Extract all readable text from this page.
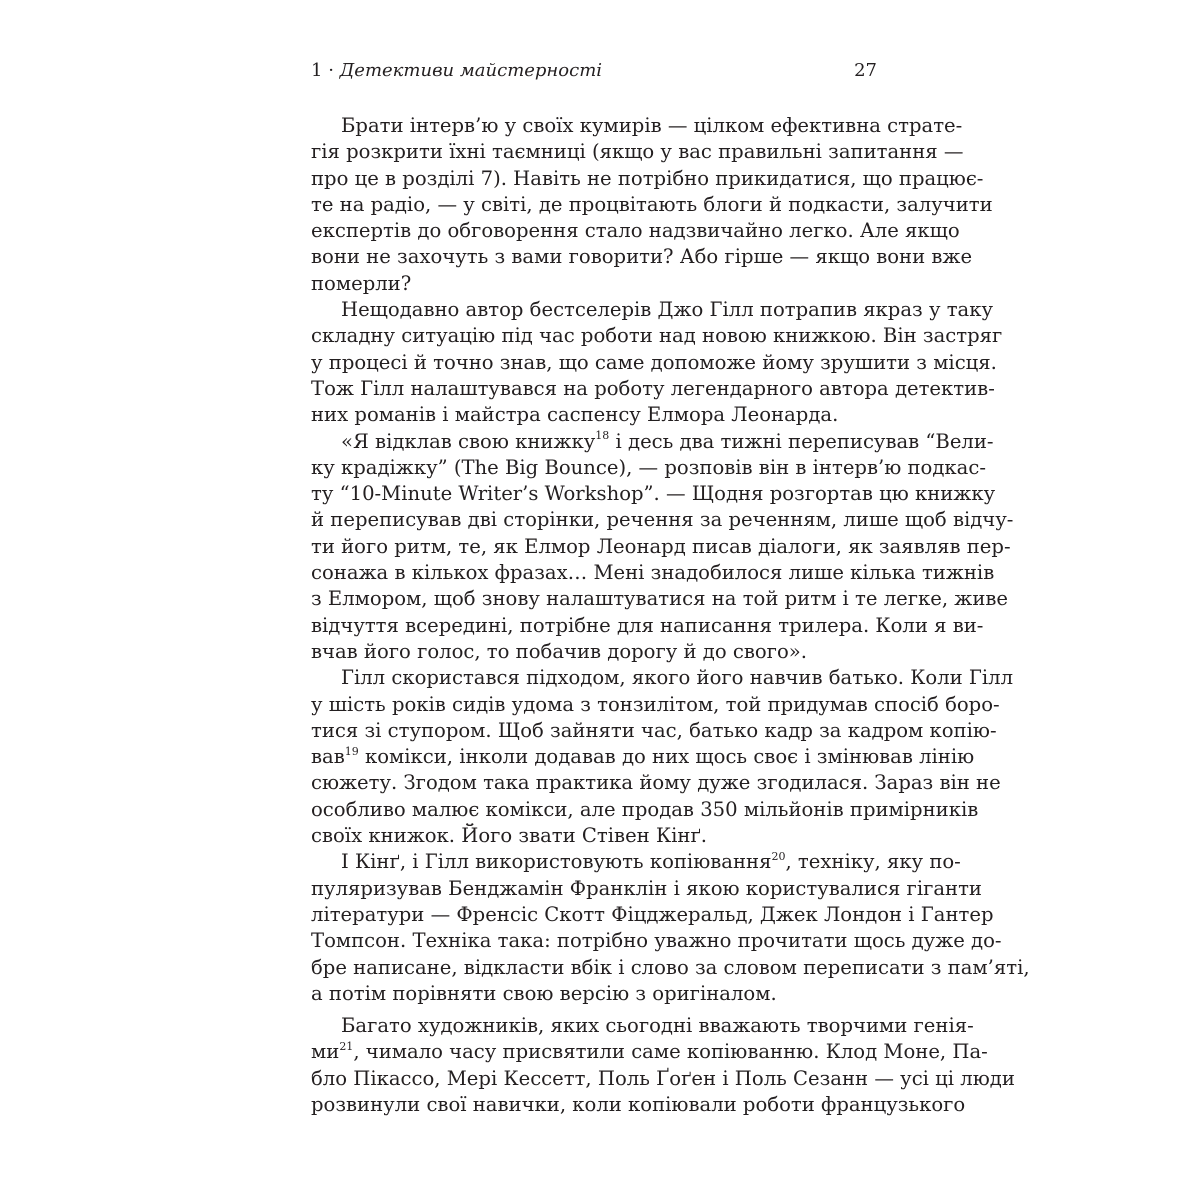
1 · Детективи майстерності	27
Брати інтерв’ю у своїх кумирів — цілком ефективна страте-
гія розкрити їхні таємниці (якщо у вас правильні запитання —
про це в розділі 7). Навіть не потрібно прикидатися, що працює-
те на радіо, — у світі, де процвітають блоги й подкасти, залучити
експертів до обговорення стало надзвичайно легко. Але якщо
вони не захочуть з вами говорити? Або гірше — якщо вони вже
померли?
Нещодавно автор бестселерів Джо Гілл потрапив якраз у таку
складну ситуацію під час роботи над новою книжкою. Він застряг
у процесі й точно знав, що саме допоможе йому зрушити з місця.
Тож Гілл налаштувався на роботу легендарного автора детектив-
них романів і майстра саспенсу Елмора Леонарда.
«Я відклав свою книжку$^{18}$ і десь два тижні переписував “Вели-
ку крадіжку” (The Big Bounce), — розповів він в інтерв’ю подкас-
ту “10-Minute Writer’s Workshop”. — Щодня розгортав цю книжку
й переписував дві сторінки, речення за реченням, лише щоб відчу-
ти його ритм, те, як Елмор Леонард писав діалоги, як заявляв пер-
сонажа в кількох фразах… Мені знадобилося лише кілька тижнів
з Елмором, щоб знову налаштуватися на той ритм і те легке, живе
відчуття всередині, потрібне для написання трилера. Коли я ви-
вчав його голос, то побачив дорогу й до свого».
Гілл скористався підходом, якого його навчив батько. Коли Гілл
у шість років сидів удома з тонзилітом, той придумав спосіб боро-
тися зі ступором. Щоб зайняти час, батько кадр за кадром копію-
вав$^{19}$ комікси, інколи додавав до них щось своє і змінював лінію
сюжету. Згодом така практика йому дуже згодилася. Зараз він не
особливо малює комікси, але продав 350 мільйонів примірників
своїх книжок. Його звати Стівен Кінґ.
І Кінґ, і Гілл використовують копіювання$^{20}$, техніку, яку по-
пуляризував Бенджамін Франклін і якою користувалися гіганти
літератури — Френсіс Скотт Фіцджеральд, Джек Лондон і Гантер
Томпсон. Техніка така: потрібно уважно прочитати щось дуже до-
бре написане, відкласти вбік і слово за словом переписати з пам’яті,
а потім порівняти свою версію з оригіналом.
Багато художників, яких сьогодні вважають творчими генія-
$ми^{21}$, чимало часу присвятили саме копіюванню. Клод Моне, Па-
бло Пікассо, Мері Кессетт, Поль Ґоґен і Поль Сезанн — усі ці люди
розвинули свої навички, коли копіювали роботи французького
